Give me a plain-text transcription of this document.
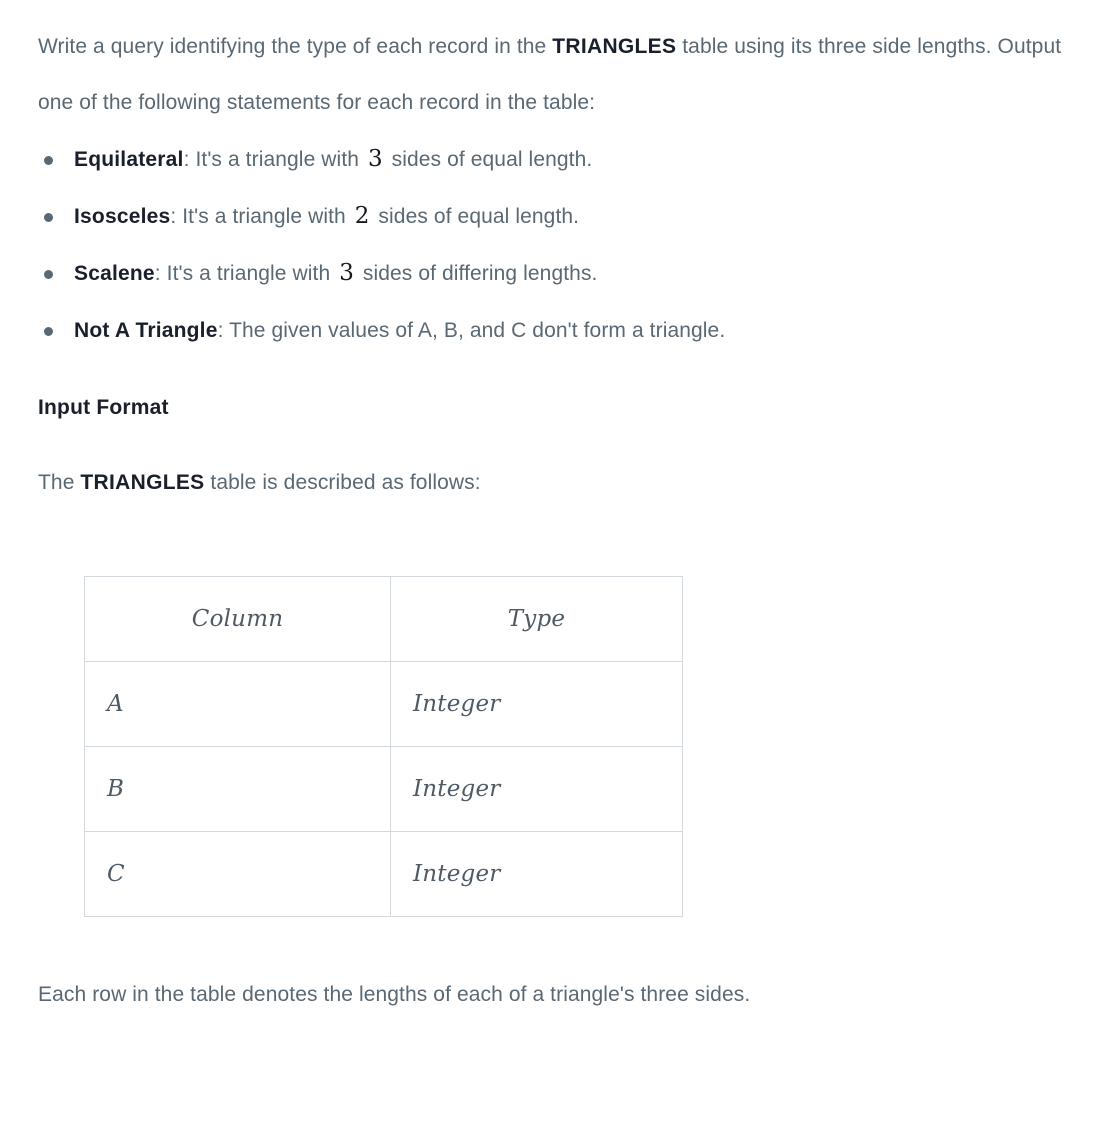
Write a query identifying the type of each record in the TRIANGLES table using its three side lengths. Output one of the following statements for each record in the table:

Equilateral: It's a triangle with 3 sides of equal length.
Isosceles: It's a triangle with 2 sides of equal length.
Scalene: It's a triangle with 3 sides of differing lengths.
Not A Triangle: The given values of A, B, and C don't form a triangle.
Input Format

The TRIANGLES table is described as follows:

Column	Type
A	Integer
B	Integer
C	Integer

Each row in the table denotes the lengths of each of a triangle's three sides.
